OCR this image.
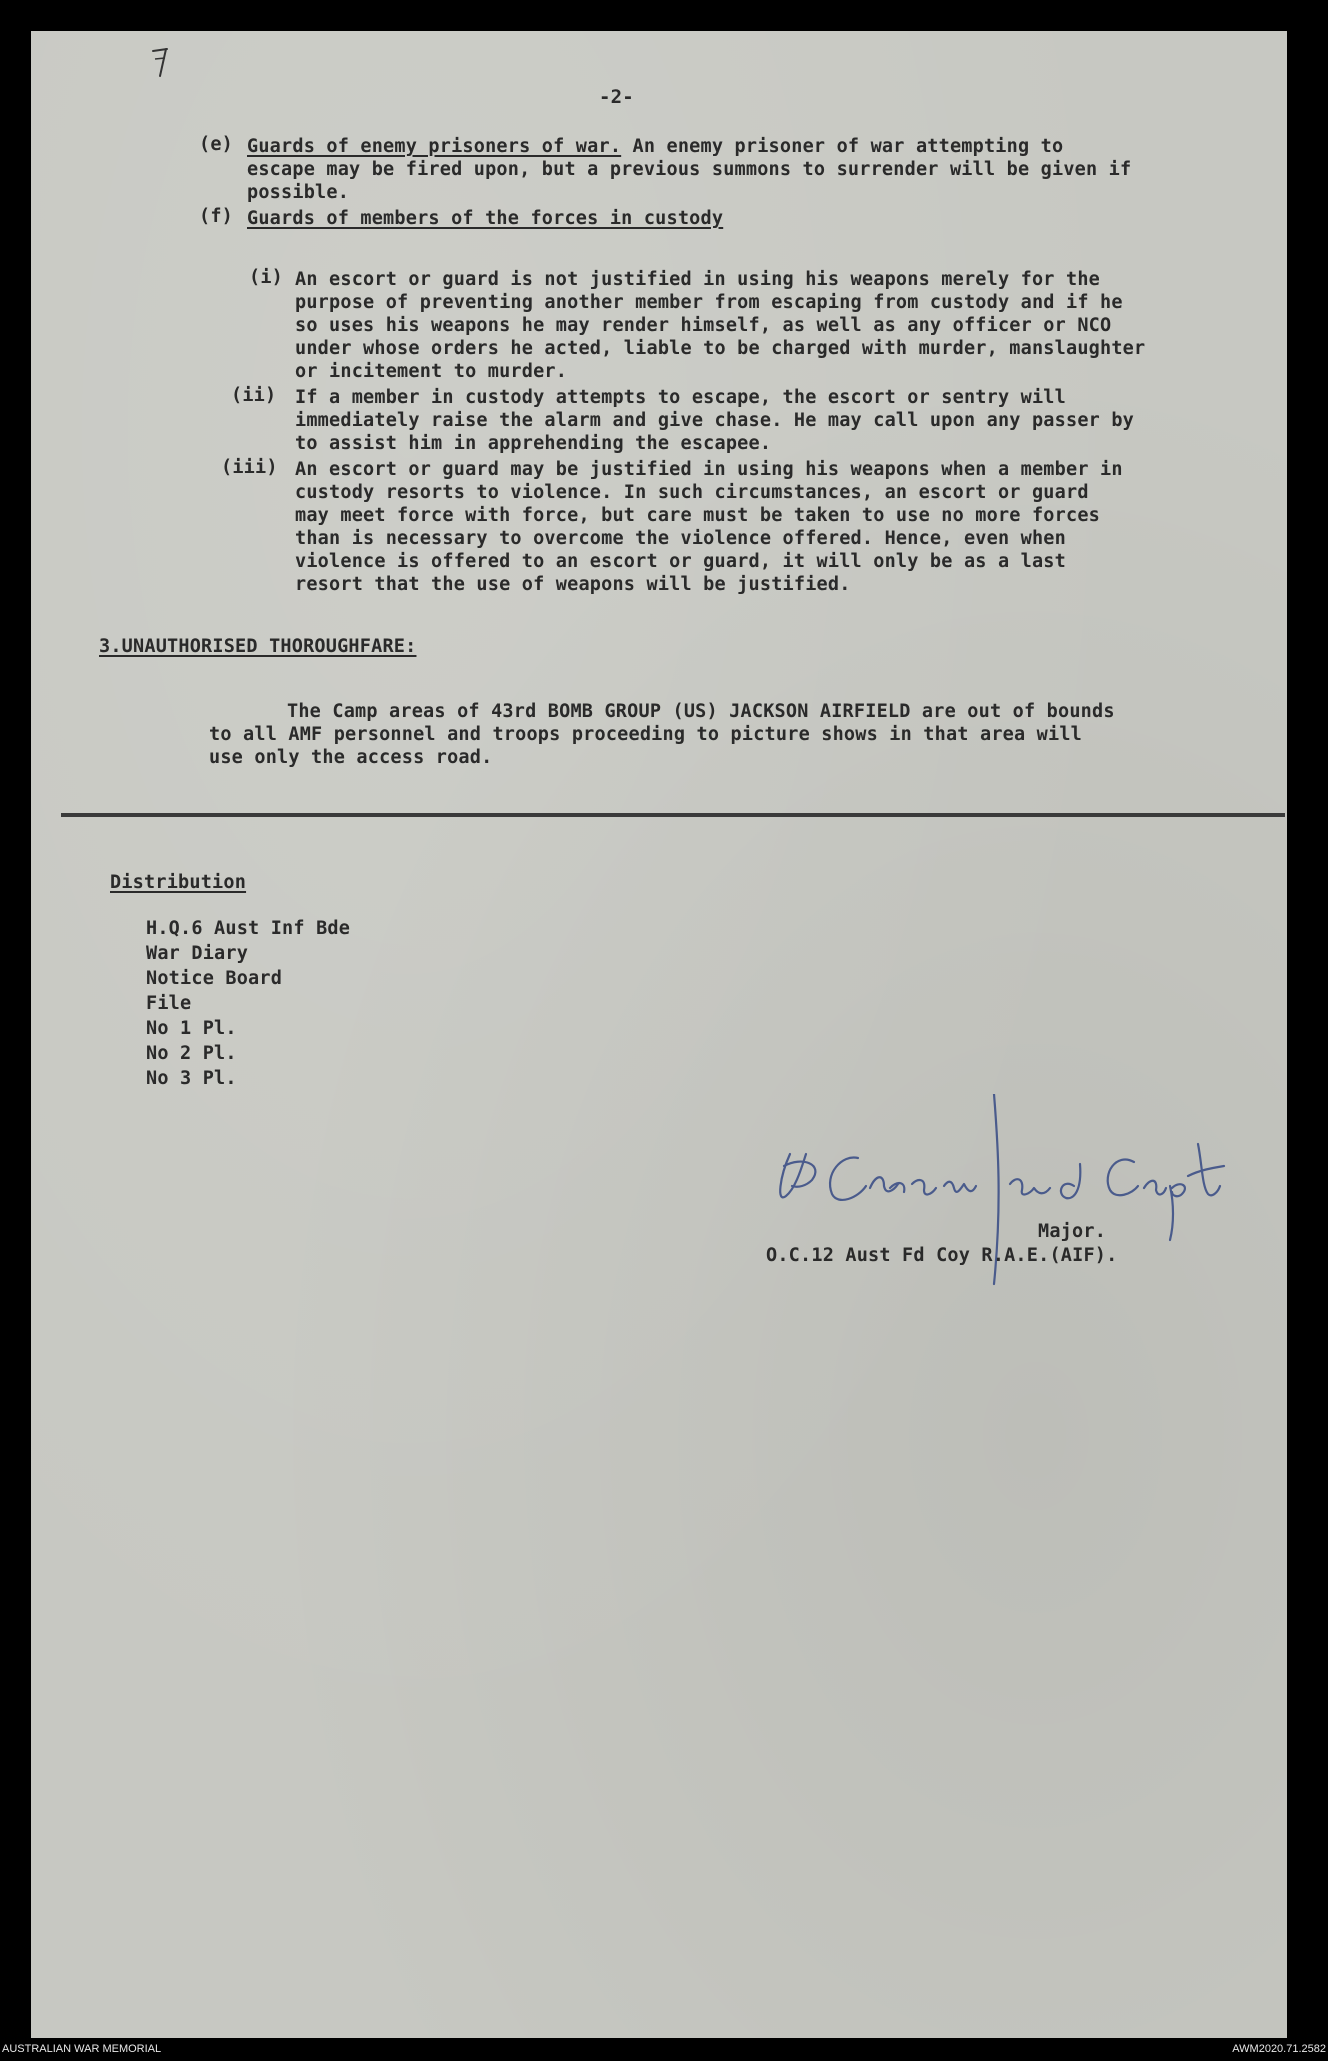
-2-
(e) Guards of enemy prisoners of war. An enemy prisoner of war attempting to
escape may be fired upon, but a previous summons to surrender will be given if
possible.
(f) Guards of members of the forces in custody
(i) An escort or guard is not justified in using his weapons merely for the
purpose of preventing another member from escaping from custody and if he
so uses his weapons he may render himself, as well as any officer or NCO
under whose orders he acted, liable to be charged with murder, manslaughter
or incitement to murder.
(ii) If a member in custody attempts to escape, the escort or sentry will
immediately raise the alarm and give chase. He may call upon any passer by
to assist him in apprehending the escapee.
(iii) An escort or guard may be justified in using his weapons when a member in
custody resorts to violence. In such circumstances, an escort or guard
may meet force with force, but care must be taken to use no more forces
than is necessary to overcome the violence offered. Hence, even when
violence is offered to an escort or guard, it will only be as a last
resort that the use of weapons will be justified.
3.UNAUTHORISED THOROUGHFARE:
The Camp areas of 43rd BOMB GROUP (US) JACKSON AIRFIELD are out of bounds
to all AMF personnel and troops proceeding to picture shows in that area will
use only the access road.
Distribution
H.Q.6 Aust Inf Bde
War Diary
Notice Board
File
No 1 Pl.
No 2 Pl.
No 3 Pl.
Major.
O.C.12 Aust Fd Coy R.A.E.(AIF).
AUSTRALIAN WAR MEMORIAL	AWM2020.71.2582
